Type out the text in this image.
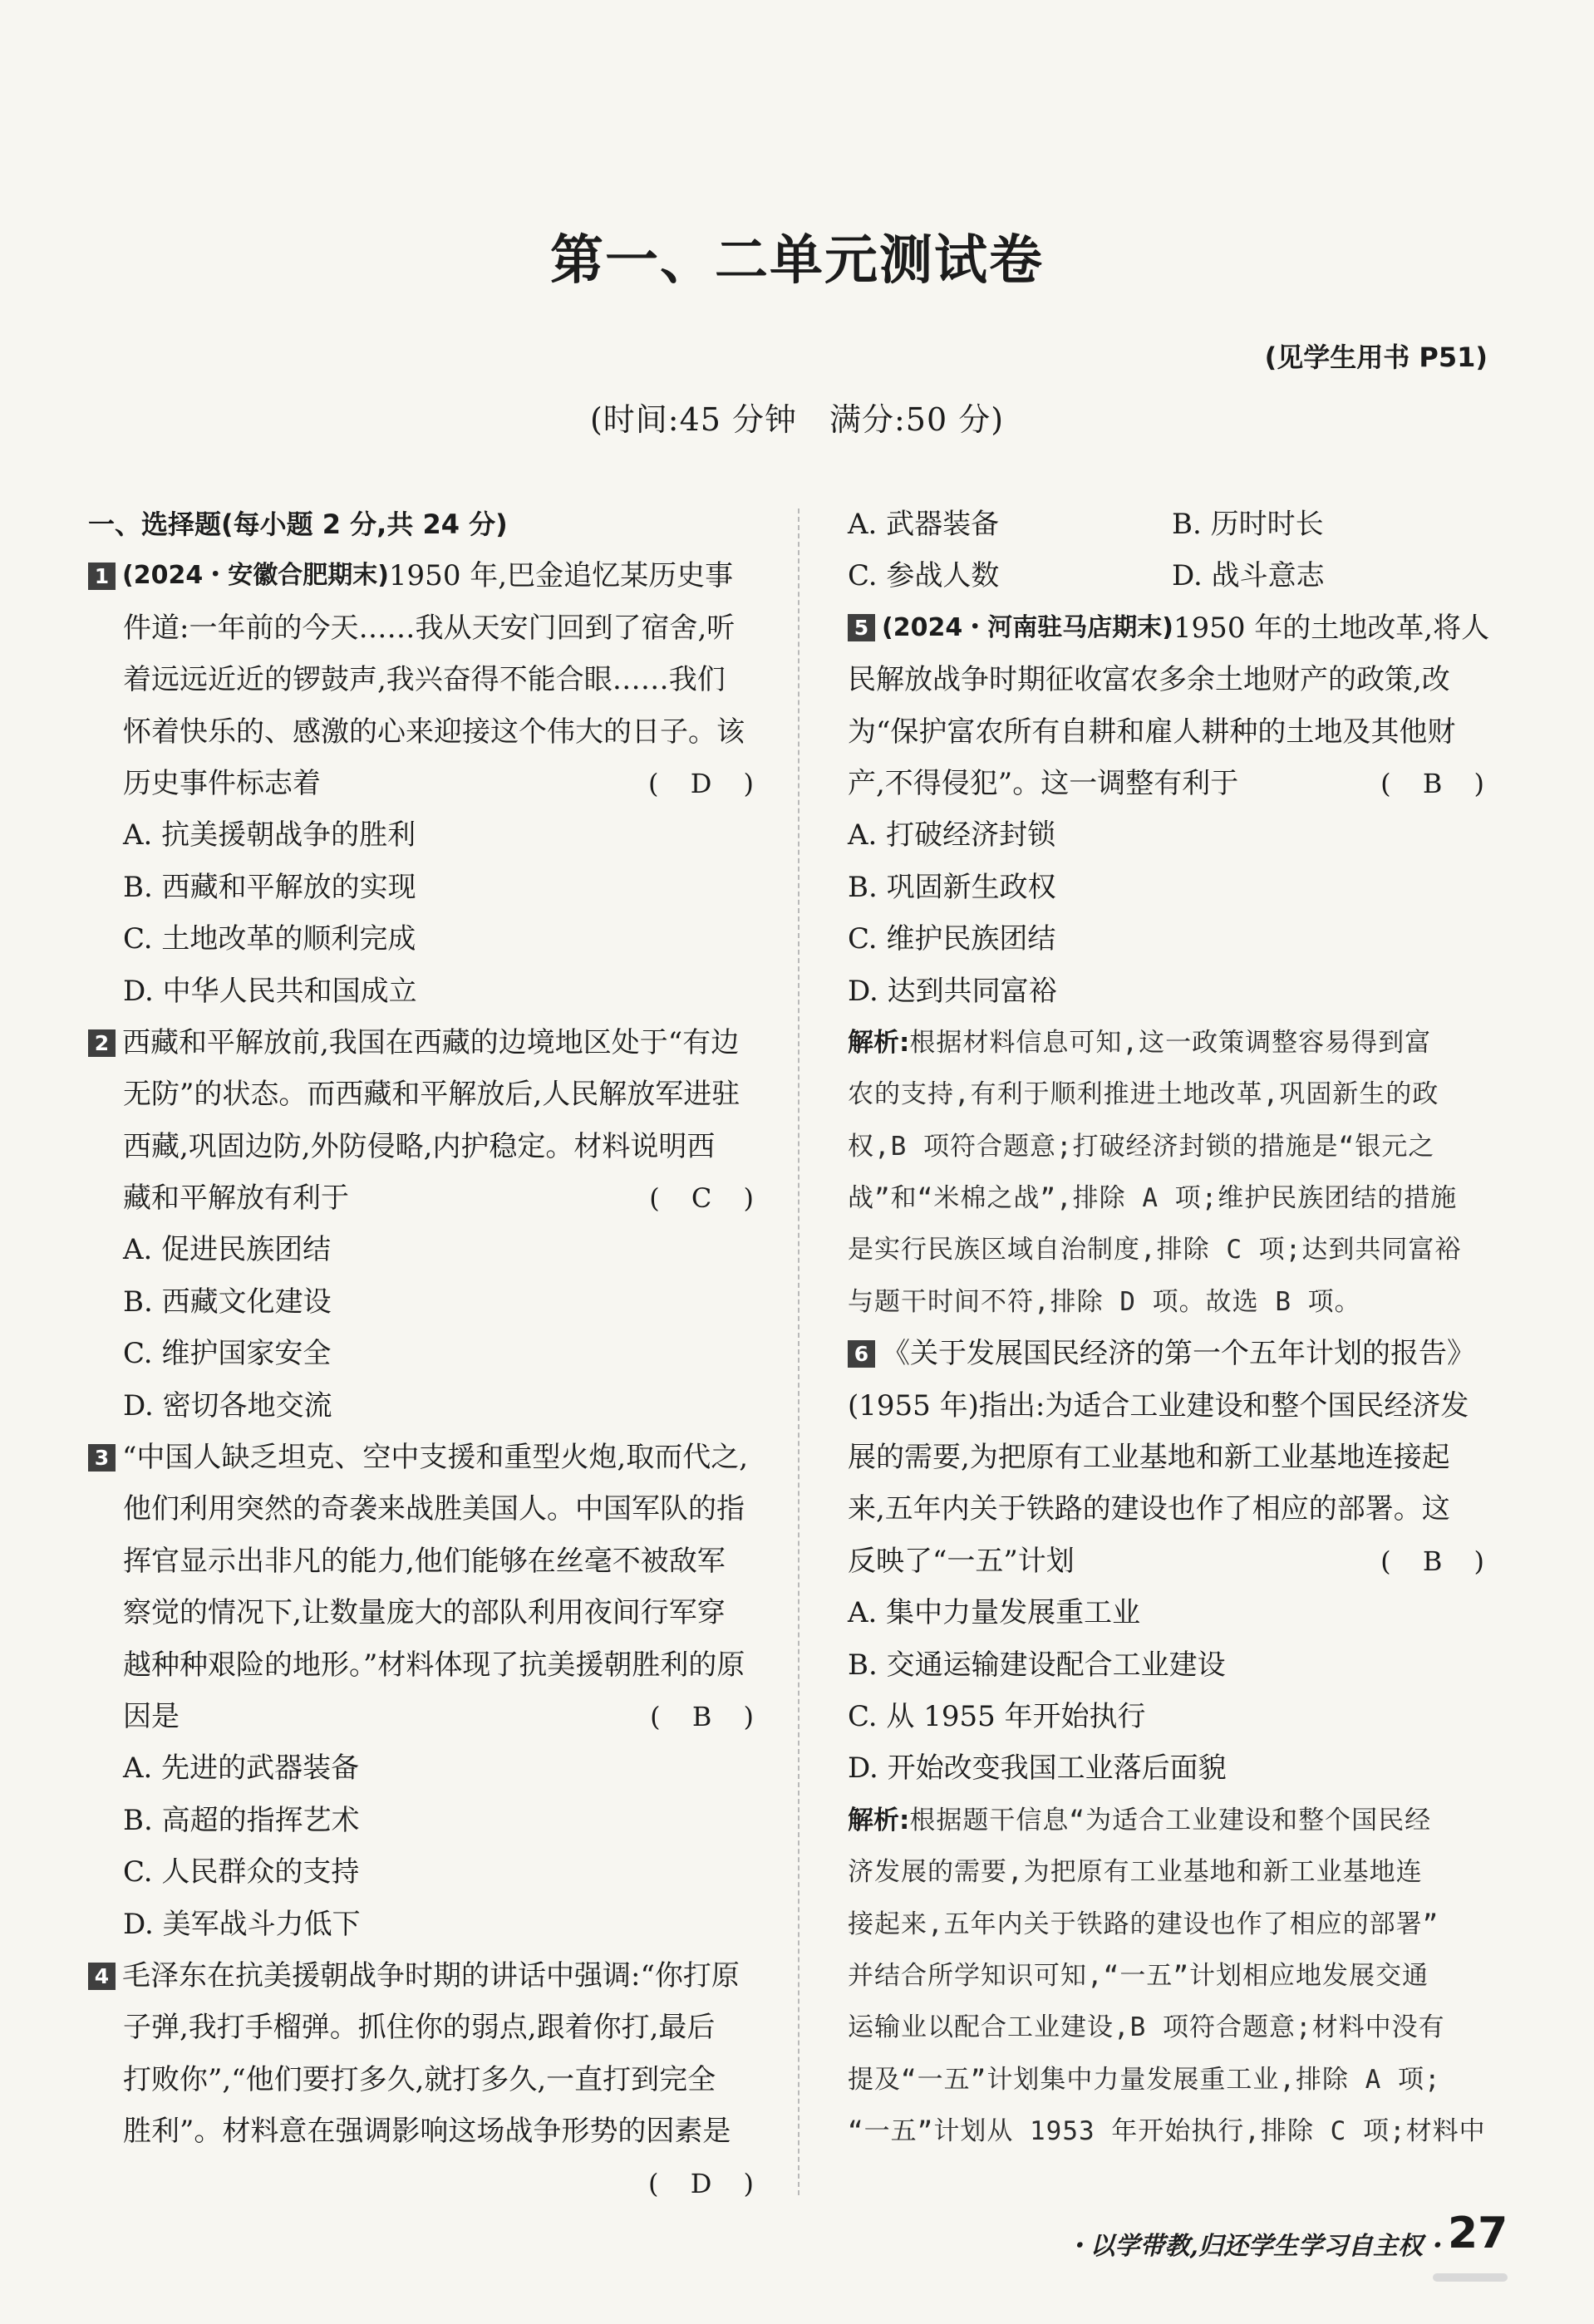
第一、二单元测试卷
(见学生用书 P51)
(时间:45 分钟　满分:50 分)
一、选择题(每小题 2 分,共 24 分)
1 (2024・安徽合肥期末) 1950 年,巴金追忆某历史事
件道:一年前的今天……我从天安门回到了宿舍,听
着远远近近的锣鼓声,我兴奋得不能合眼……我们
怀着快乐的、感激的心来迎接这个伟大的日子。该
历史事件标志着	( D )
A. 抗美援朝战争的胜利
B. 西藏和平解放的实现
C. 土地改革的顺利完成
D. 中华人民共和国成立
2 西藏和平解放前,我国在西藏的边境地区处于“有边
无防”的状态。而西藏和平解放后,人民解放军进驻
西藏,巩固边防,外防侵略,内护稳定。材料说明西
藏和平解放有利于	( C )
A. 促进民族团结
B. 西藏文化建设
C. 维护国家安全
D. 密切各地交流
3 “中国人缺乏坦克、空中支援和重型火炮,取而代之,
他们利用突然的奇袭来战胜美国人。中国军队的指
挥官显示出非凡的能力,他们能够在丝毫不被敌军
察觉的情况下,让数量庞大的部队利用夜间行军穿
越种种艰险的地形。”材料体现了抗美援朝胜利的原
因是	( B )
A. 先进的武器装备
B. 高超的指挥艺术
C. 人民群众的支持
D. 美军战斗力低下
4 毛泽东在抗美援朝战争时期的讲话中强调:“你打原
子弹,我打手榴弹。抓住你的弱点,跟着你打,最后
打败你”,“他们要打多久,就打多久,一直打到完全
胜利”。材料意在强调影响这场战争形势的因素是
( D )
A. 武器装备	B. 历时时长
C. 参战人数	D. 战斗意志
5 (2024・河南驻马店期末) 1950 年的土地改革,将人
民解放战争时期征收富农多余土地财产的政策,改
为“保护富农所有自耕和雇人耕种的土地及其他财
产,不得侵犯”。这一调整有利于	( B )
A. 打破经济封锁
B. 巩固新生政权
C. 维护民族团结
D. 达到共同富裕
解析:根据材料信息可知,这一政策调整容易得到富
农的支持,有利于顺利推进土地改革,巩固新生的政
权,B 项符合题意;打破经济封锁的措施是“银元之
战”和“米棉之战”,排除 A 项;维护民族团结的措施
是实行民族区域自治制度,排除 C 项;达到共同富裕
与题干时间不符,排除 D 项。故选 B 项。
6 《关于发展国民经济的第一个五年计划的报告》
(1955 年)指出:为适合工业建设和整个国民经济发
展的需要,为把原有工业基地和新工业基地连接起
来,五年内关于铁路的建设也作了相应的部署。这
反映了“一五”计划	( B )
A. 集中力量发展重工业
B. 交通运输建设配合工业建设
C. 从 1955 年开始执行
D. 开始改变我国工业落后面貌
解析:根据题干信息“为适合工业建设和整个国民经
济发展的需要,为把原有工业基地和新工业基地连
接起来,五年内关于铁路的建设也作了相应的部署”
并结合所学知识可知,“一五”计划相应地发展交通
运输业以配合工业建设,B 项符合题意;材料中没有
提及“一五”计划集中力量发展重工业,排除 A 项;
“一五”计划从 1953 年开始执行,排除 C 项;材料中
・以学带教,归还学生学习自主权・ 27
